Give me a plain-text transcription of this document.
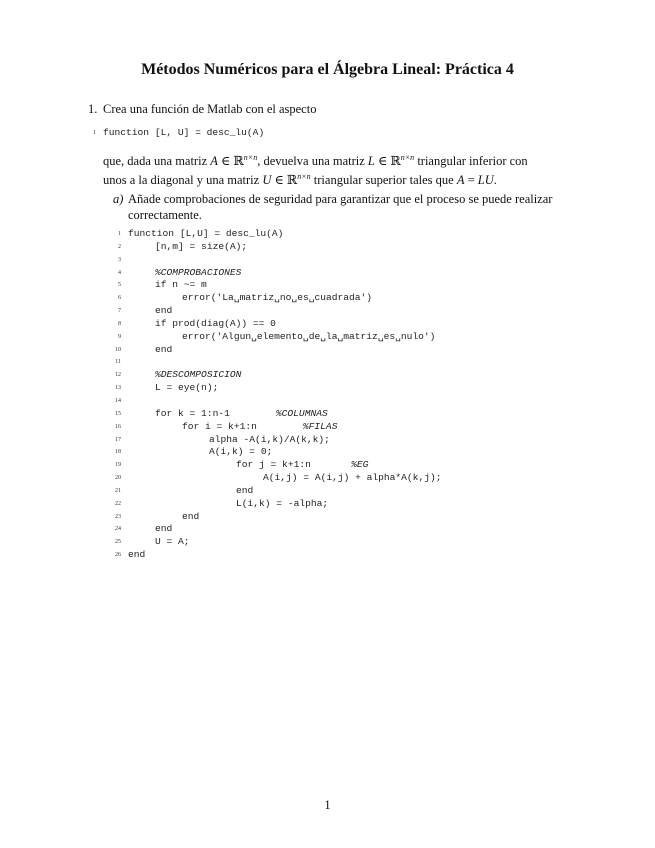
Métodos Numéricos para el Álgebra Lineal: Práctica 4
1. Crea una función de Matlab con el aspecto

1

function [L, U] = desc_lu(A)

que, dada una matriz A ∈ ℝ$^{n\times n}$, devuelva una matriz L ∈ ℝ$^{n\times n}$ triangular inferior con
unos a la diagonal y una matriz U ∈ ℝ$^{n\times n}$ triangular superior tales que A = LU.
a) Añade comprobaciones de seguridad para garantizar que el proceso se puede realizar correctamente.
1 function [L,U] = desc_lu(A)
2	[n,m] = size(A);
3
4	%COMPROBACIONES
5	if n ~= m
6	error('La␣matriz␣no␣es␣cuadrada')
7	end
8	if prod(diag(A)) == 0
9	error('Algun␣elemento␣de␣la␣matriz␣es␣nulo')
10	end
11
12	%DESCOMPOSICION
13	L = eye(n);
14
15	for k = 1:n-1        %COLUMNAS
16	for i = k+1:n        %FILAS
17	alpha -A(i,k)/A(k,k);
18	A(i,k) = 0;
19	for j = k+1:n       %EG
20	A(i,j) = A(i,j) + alpha*A(k,j);
21	end
22	L(i,k) = -alpha;
23	end
24	end
25	U = A;
26 end
1
